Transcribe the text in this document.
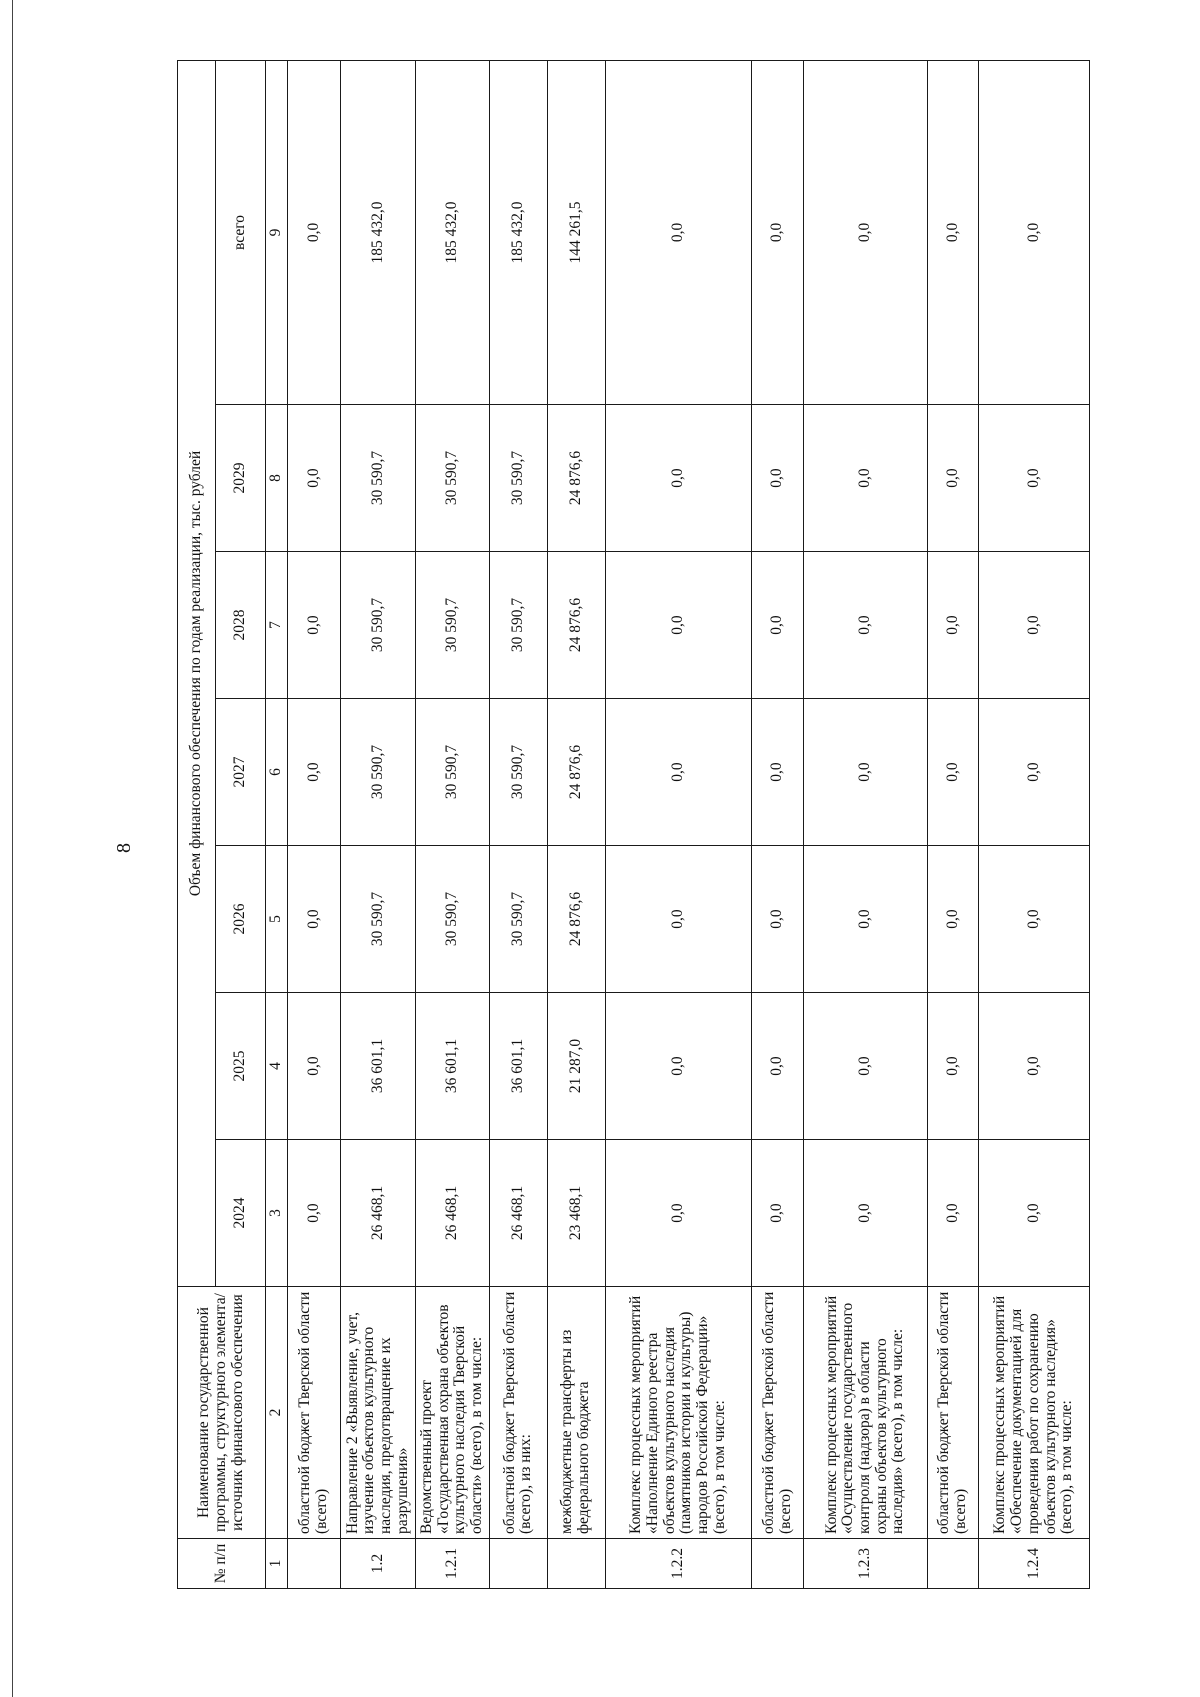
8
№ п/п	Наименование государственной программы, структурного элемента/источник финансового обеспечения	Объем финансового обеспечения по годам реализации, тыс. рублей						
		2024	2025	2026	2027	2028	2029	всего
1	2	3	4	5	6	7	8	9
	областной бюджет Тверской области (всего)	0,0	0,0	0,0	0,0	0,0	0,0	0,0
1.2	Направление 2 «Выявление, учет, изучение объектов культурного наследия, предотвращение их разрушения»	26 468,1	36 601,1	30 590,7	30 590,7	30 590,7	30 590,7	185 432,0
1.2.1	Ведомственный проект «Государственная охрана объектов культурного наследия Тверской области» (всего), в том числе:	26 468,1	36 601,1	30 590,7	30 590,7	30 590,7	30 590,7	185 432,0
	областной бюджет Тверской области (всего), из них:	26 468,1	36 601,1	30 590,7	30 590,7	30 590,7	30 590,7	185 432,0
	межбюджетные трансферты из федерального бюджета	23 468,1	21 287,0	24 876,6	24 876,6	24 876,6	24 876,6	144 261,5
1.2.2	Комплекс процессных мероприятий «Наполнение Единого реестра объектов культурного наследия (памятников истории и культуры) народов Российской Федерации» (всего), в том числе:	0,0	0,0	0,0	0,0	0,0	0,0	0,0
	областной бюджет Тверской области (всего)	0,0	0,0	0,0	0,0	0,0	0,0	0,0
1.2.3	Комплекс процессных мероприятий «Осуществление государственного контроля (надзора) в области охраны объектов культурного наследия» (всего), в том числе:	0,0	0,0	0,0	0,0	0,0	0,0	0,0
	областной бюджет Тверской области (всего)	0,0	0,0	0,0	0,0	0,0	0,0	0,0
1.2.4	Комплекс процессных мероприятий «Обеспечение документацией для проведения работ по сохранению объектов культурного наследия» (всего), в том числе:	0,0	0,0	0,0	0,0	0,0	0,0	0,0
